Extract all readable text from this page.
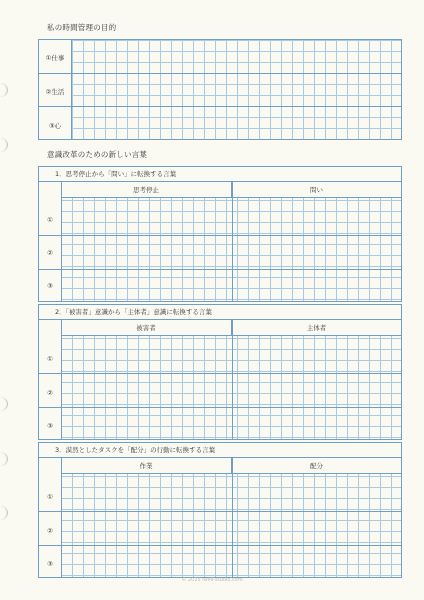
私の時間管理の目的
①仕事
②生活
③心
意識改革のための新しい言葉
1．思考停止から「問い」に転換する言葉
思考停止	問い
①
②
③
2．「被害者」意識から「主体者」意識に転換する言葉
被害者	主体者
①
②
③
3．漠然としたタスクを「配分」の行動に転換する言葉
作業	配分
①
②
③
© 2025 refill-studio.com
